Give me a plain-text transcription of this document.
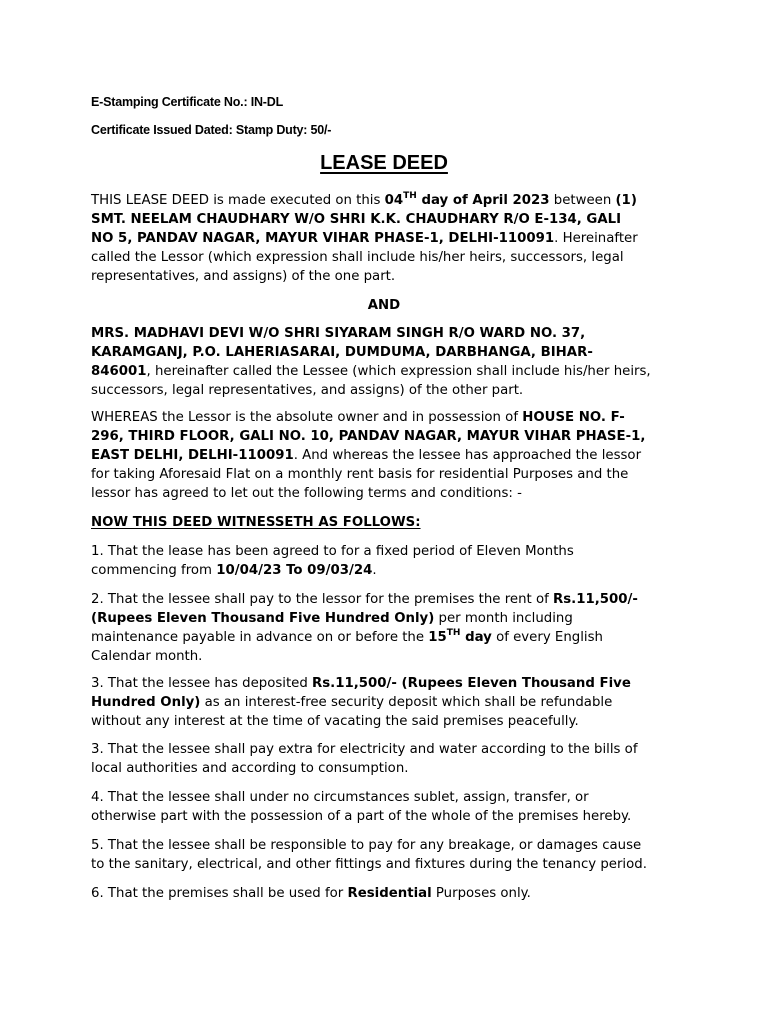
E-Stamping Certificate No.: IN-DL
Certificate Issued Dated: Stamp Duty: 50/-
LEASE DEED
THIS LEASE DEED is made executed on this 04TH day of April 2023 between (1)
SMT. NEELAM CHAUDHARY W/O SHRI K.K. CHAUDHARY R/O E-134, GALI
NO 5, PANDAV NAGAR, MAYUR VIHAR PHASE-1, DELHI-110091. Hereinafter
called the Lessor (which expression shall include his/her heirs, successors, legal
representatives, and assigns) of the one part.
AND
MRS. MADHAVI DEVI W/O SHRI SIYARAM SINGH R/O WARD NO. 37,
KARAMGANJ, P.O. LAHERIASARAI, DUMDUMA, DARBHANGA, BIHAR-
846001, hereinafter called the Lessee (which expression shall include his/her heirs,
successors, legal representatives, and assigns) of the other part.
WHEREAS the Lessor is the absolute owner and in possession of HOUSE NO. F-
296, THIRD FLOOR, GALI NO. 10, PANDAV NAGAR, MAYUR VIHAR PHASE-1,
EAST DELHI, DELHI-110091. And whereas the lessee has approached the lessor
for taking Aforesaid Flat on a monthly rent basis for residential Purposes and the
lessor has agreed to let out the following terms and conditions: -
NOW THIS DEED WITNESSETH AS FOLLOWS:
1. That the lease has been agreed to for a fixed period of Eleven Months
commencing from 10/04/23 To 09/03/24.
2. That the lessee shall pay to the lessor for the premises the rent of Rs.11,500/-
(Rupees Eleven Thousand Five Hundred Only) per month including
maintenance payable in advance on or before the 15TH day of every English
Calendar month.
3. That the lessee has deposited Rs.11,500/- (Rupees Eleven Thousand Five
Hundred Only) as an interest-free security deposit which shall be refundable
without any interest at the time of vacating the said premises peacefully.
3. That the lessee shall pay extra for electricity and water according to the bills of
local authorities and according to consumption.
4. That the lessee shall under no circumstances sublet, assign, transfer, or
otherwise part with the possession of a part of the whole of the premises hereby.
5. That the lessee shall be responsible to pay for any breakage, or damages cause
to the sanitary, electrical, and other fittings and fixtures during the tenancy period.
6. That the premises shall be used for Residential Purposes only.
